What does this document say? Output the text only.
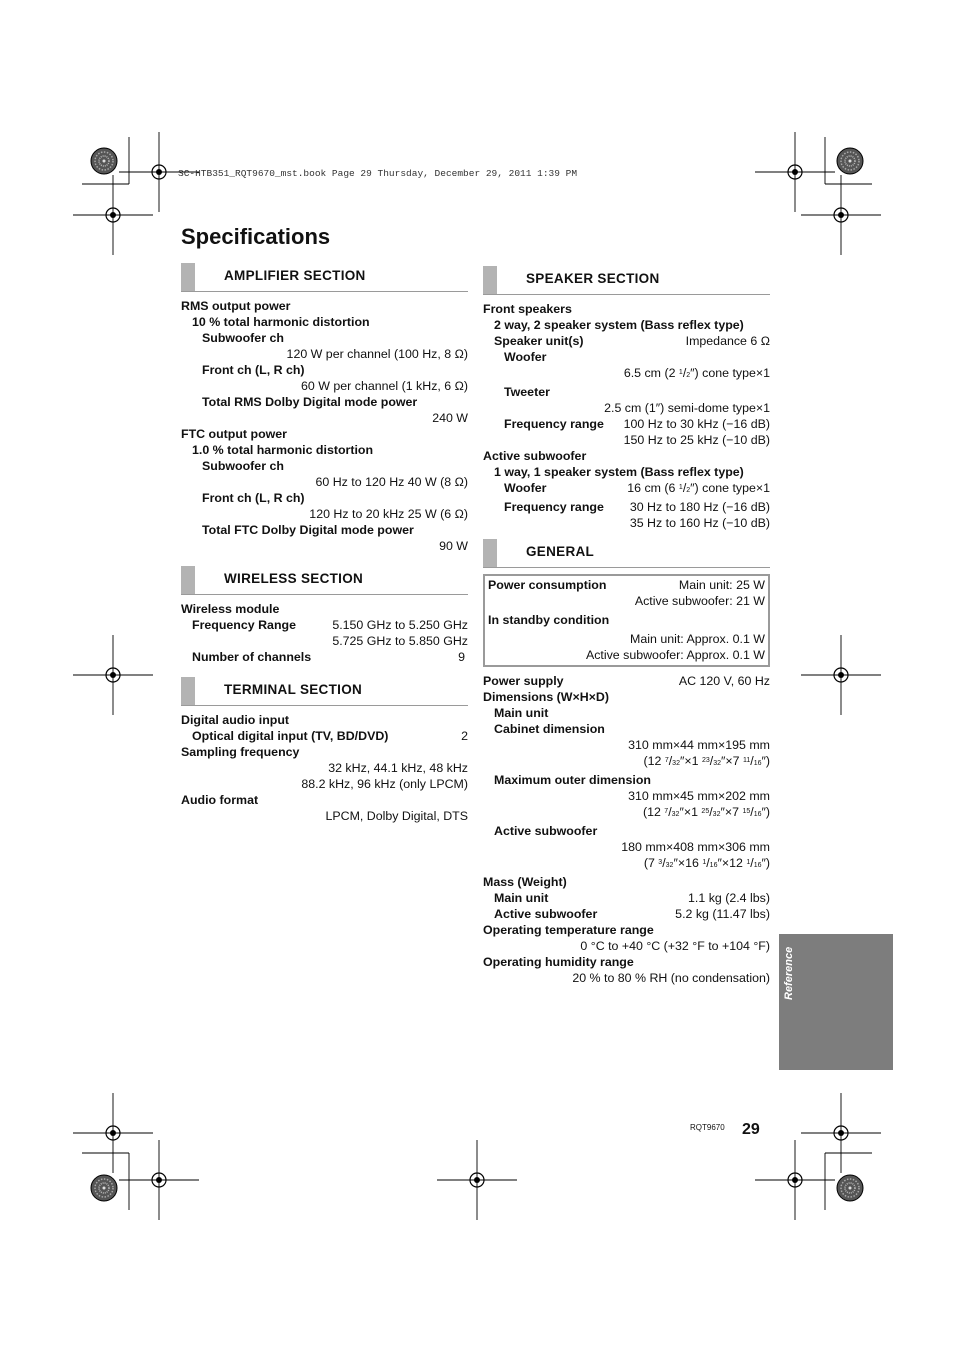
SC-HTB351_RQT9670_mst.book Page 29 Thursday, December 29, 2011 1:39 PM
Specifications
AMPLIFIER SECTION
RMS output power
10 % total harmonic distortion
Subwoofer ch
120 W per channel (100 Hz, 8 Ω)
Front ch (L, R ch)
60 W per channel (1 kHz, 6 Ω)
Total RMS Dolby Digital mode power
240 W
FTC output power
1.0 % total harmonic distortion
Subwoofer ch
60 Hz to 120 Hz 40 W (8 Ω)
Front ch (L, R ch)
120 Hz to 20 kHz 25 W (6 Ω)
Total FTC Dolby Digital mode power
90 W
WIRELESS SECTION
Wireless module
Frequency Range	5.150 GHz to 5.250 GHz
5.725 GHz to 5.850 GHz
Number of channels	9
TERMINAL SECTION
Digital audio input
Optical digital input (TV, BD/DVD)	2
Sampling frequency
32 kHz, 44.1 kHz, 48 kHz
88.2 kHz, 96 kHz (only LPCM)
Audio format
LPCM, Dolby Digital, DTS
SPEAKER SECTION
Front speakers
2 way, 2 speaker system (Bass reflex type)
Speaker unit(s)	Impedance 6 Ω
Woofer
6.5 cm (2 $^1$/2″) cone type×1
Tweeter
2.5 cm (1″) semi-dome type×1
Frequency range 100 Hz to 30 kHz (−16 dB)
150 Hz to 25 kHz (−10 dB)
Active subwoofer
1 way, 1 speaker system (Bass reflex type)
Woofer	16 cm (6 $^1$/2″) cone type×1
Frequency range 30 Hz to 180 Hz (−16 dB)
35 Hz to 160 Hz (−10 dB)
GENERAL
Power consumption	Main unit: 25 W
Active subwoofer: 21 W
In standby condition
Main unit: Approx. 0.1 W
Active subwoofer: Approx. 0.1 W
Power supply	AC 120 V, 60 Hz
Dimensions (W×H×D)
Main unit
Cabinet dimension
310 mm×44 mm×195 mm
(12 $^7$/32″×1 $^{23}$/32″×7 $^{11}$/16″)
Maximum outer dimension
310 mm×45 mm×202 mm
(12 $^7$/32″×1 $^{25}$/32″×7 $^{15}$/16″)
Active subwoofer
180 mm×408 mm×306 mm
(7 $^3$/32″×16 $^1$/16″×12 $^1$/16″)
Mass (Weight)
Main unit	1.1 kg (2.4 lbs)
Active subwoofer	5.2 kg (11.47 lbs)
Operating temperature range
0 °C to +40 °C (+32 °F to +104 °F)
Operating humidity range
20 % to 80 % RH (no condensation) Reference
RQT9670 29
